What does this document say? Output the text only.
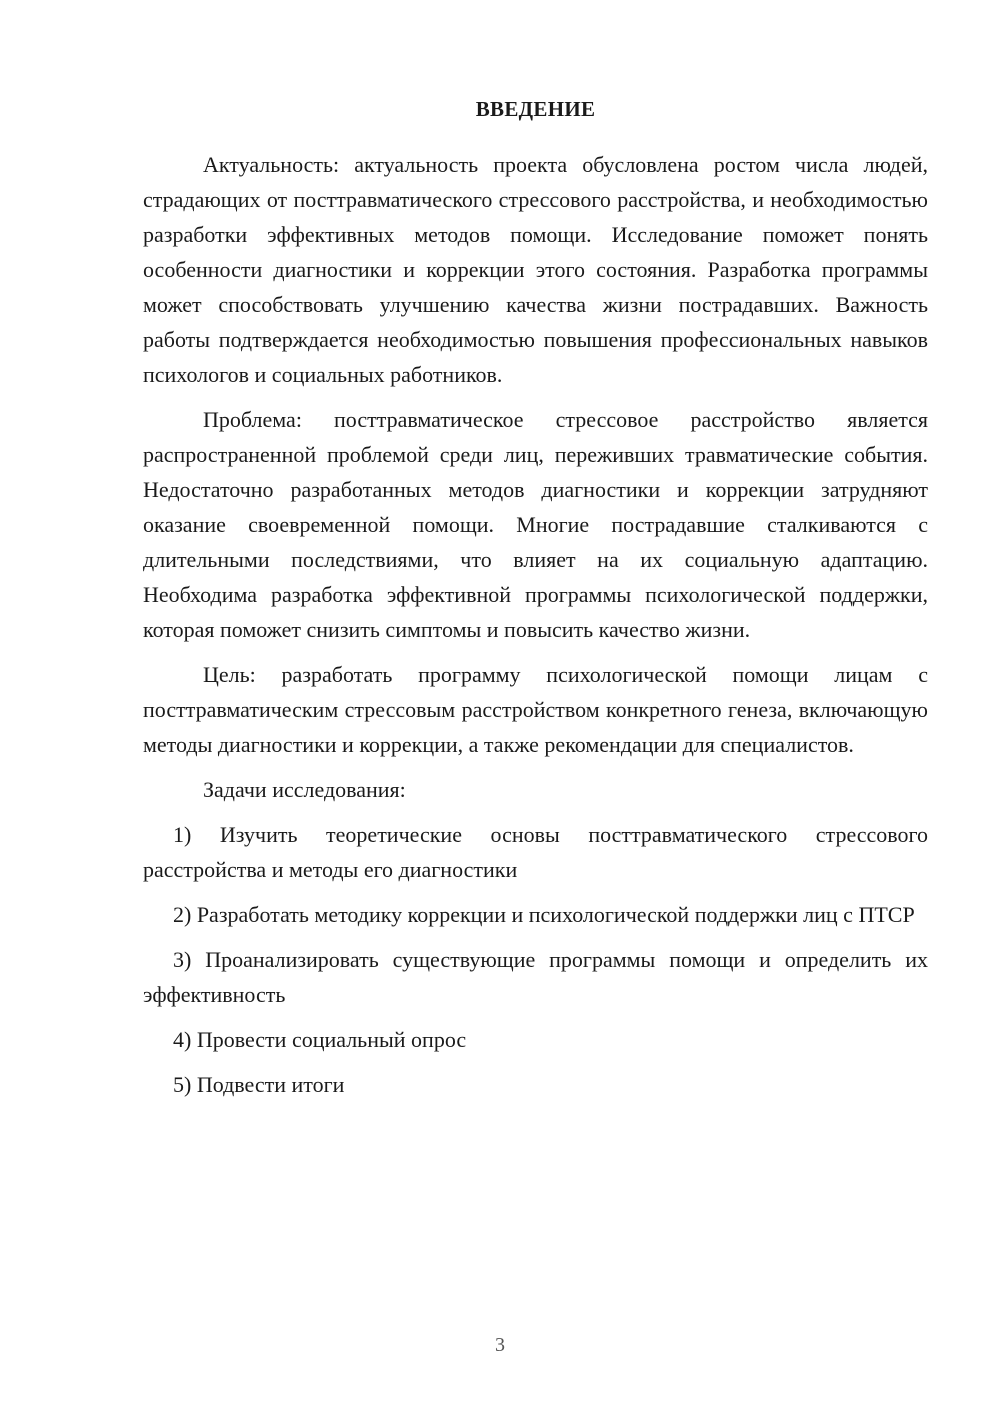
ВВЕДЕНИЕ

Актуальность: актуальность проекта обусловлена ростом числа людей, страдающих от посттравматического стрессового расстройства, и необходимостью разработки эффективных методов помощи. Исследование поможет понять особенности диагностики и коррекции этого состояния. Разработка программы может способствовать улучшению качества жизни пострадавших. Важность работы подтверждается необходимостью повышения профессиональных навыков психологов и социальных работников.

Проблема: посттравматическое стрессовое расстройство является распространенной проблемой среди лиц, переживших травматические события. Недостаточно разработанных методов диагностики и коррекции затрудняют оказание своевременной помощи. Многие пострадавшие сталкиваются с длительными последствиями, что влияет на их социальную адаптацию. Необходима разработка эффективной программы психологической поддержки, которая поможет снизить симптомы и повысить качество жизни.

Цель: разработать программу психологической помощи лицам с посттравматическим стрессовым расстройством конкретного генеза, включающую методы диагностики и коррекции, а также рекомендации для специалистов.

Задачи исследования:

1) Изучить теоретические основы посттравматического стрессового расстройства и методы его диагностики

2) Разработать методику коррекции и психологической поддержки лиц с ПТСР

3) Проанализировать существующие программы помощи и определить их эффективность

4) Провести социальный опрос

5) Подвести итоги

3
